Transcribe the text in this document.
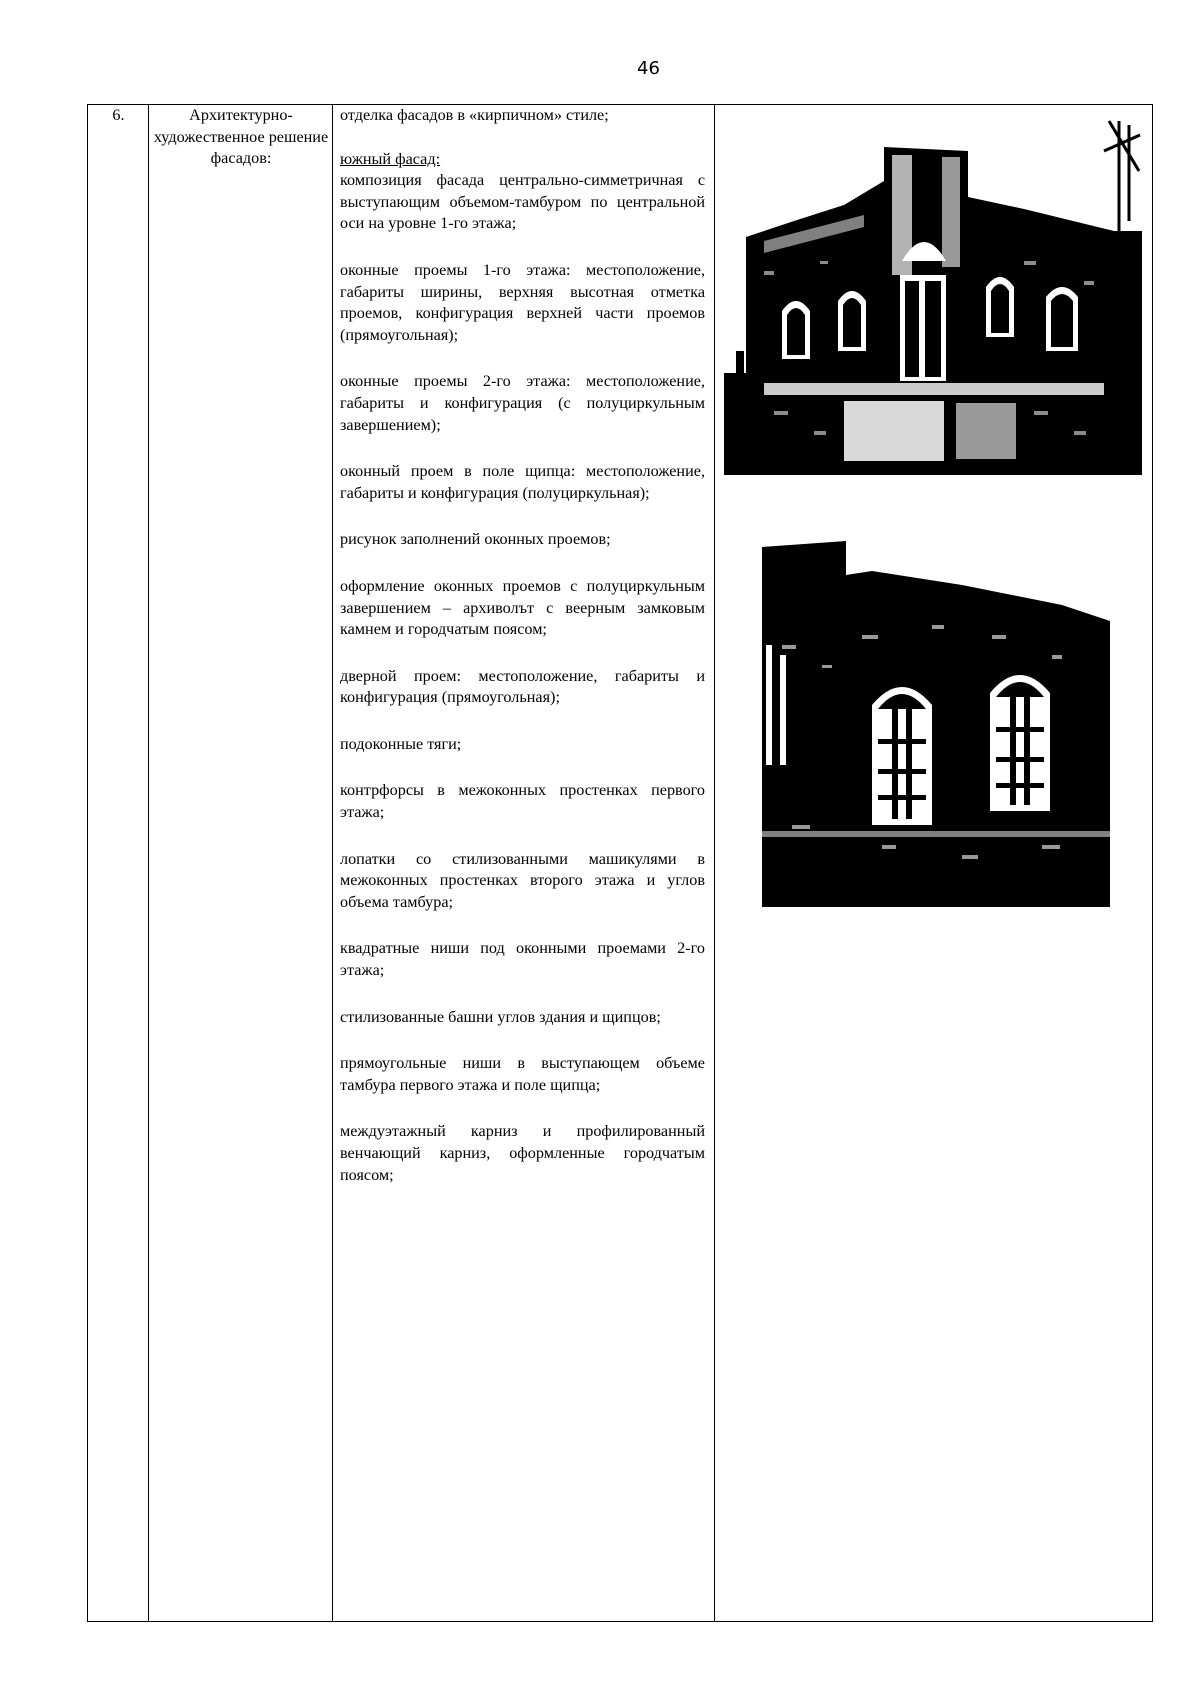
46
6.	Архитектурно-художественное решение фасадов:

отделка фасадов в «кирпичном» стиле;

южный фасад:

композиция фасада центрально-симметричная с выступающим объемом-тамбуром по центральной оси на уровне 1-го этажа;

оконные проемы 1-го этажа: местоположение, габариты ширины, верхняя высотная отметка проемов, конфигурация верхней части проемов (прямоугольная);

оконные проемы 2-го этажа: местоположение, габариты и конфигурация (с полуциркульным завершением);

оконный проем в поле щипца: местоположение, габариты и конфигурация (полуциркульная);

рисунок заполнений оконных проемов;

оформление оконных проемов с полуциркульным завершением – архиволът с веерным замковым камнем и городчатым поясом;

дверной проем: местоположение, габариты и конфигурация (прямоугольная);

подоконные тяги;

контрфорсы в межоконных простенках первого этажа;

лопатки со стилизованными машикулями в межоконных простенках второго этажа и углов объема тамбура;

квадратные ниши под оконными проемами 2-го этажа;

стилизованные башни углов здания и щипцов;

прямоугольные ниши в выступающем объеме тамбура первого этажа и поле щипца;

междуэтажный карниз и профилированный венчающий карниз, оформленные городчатым поясом;
